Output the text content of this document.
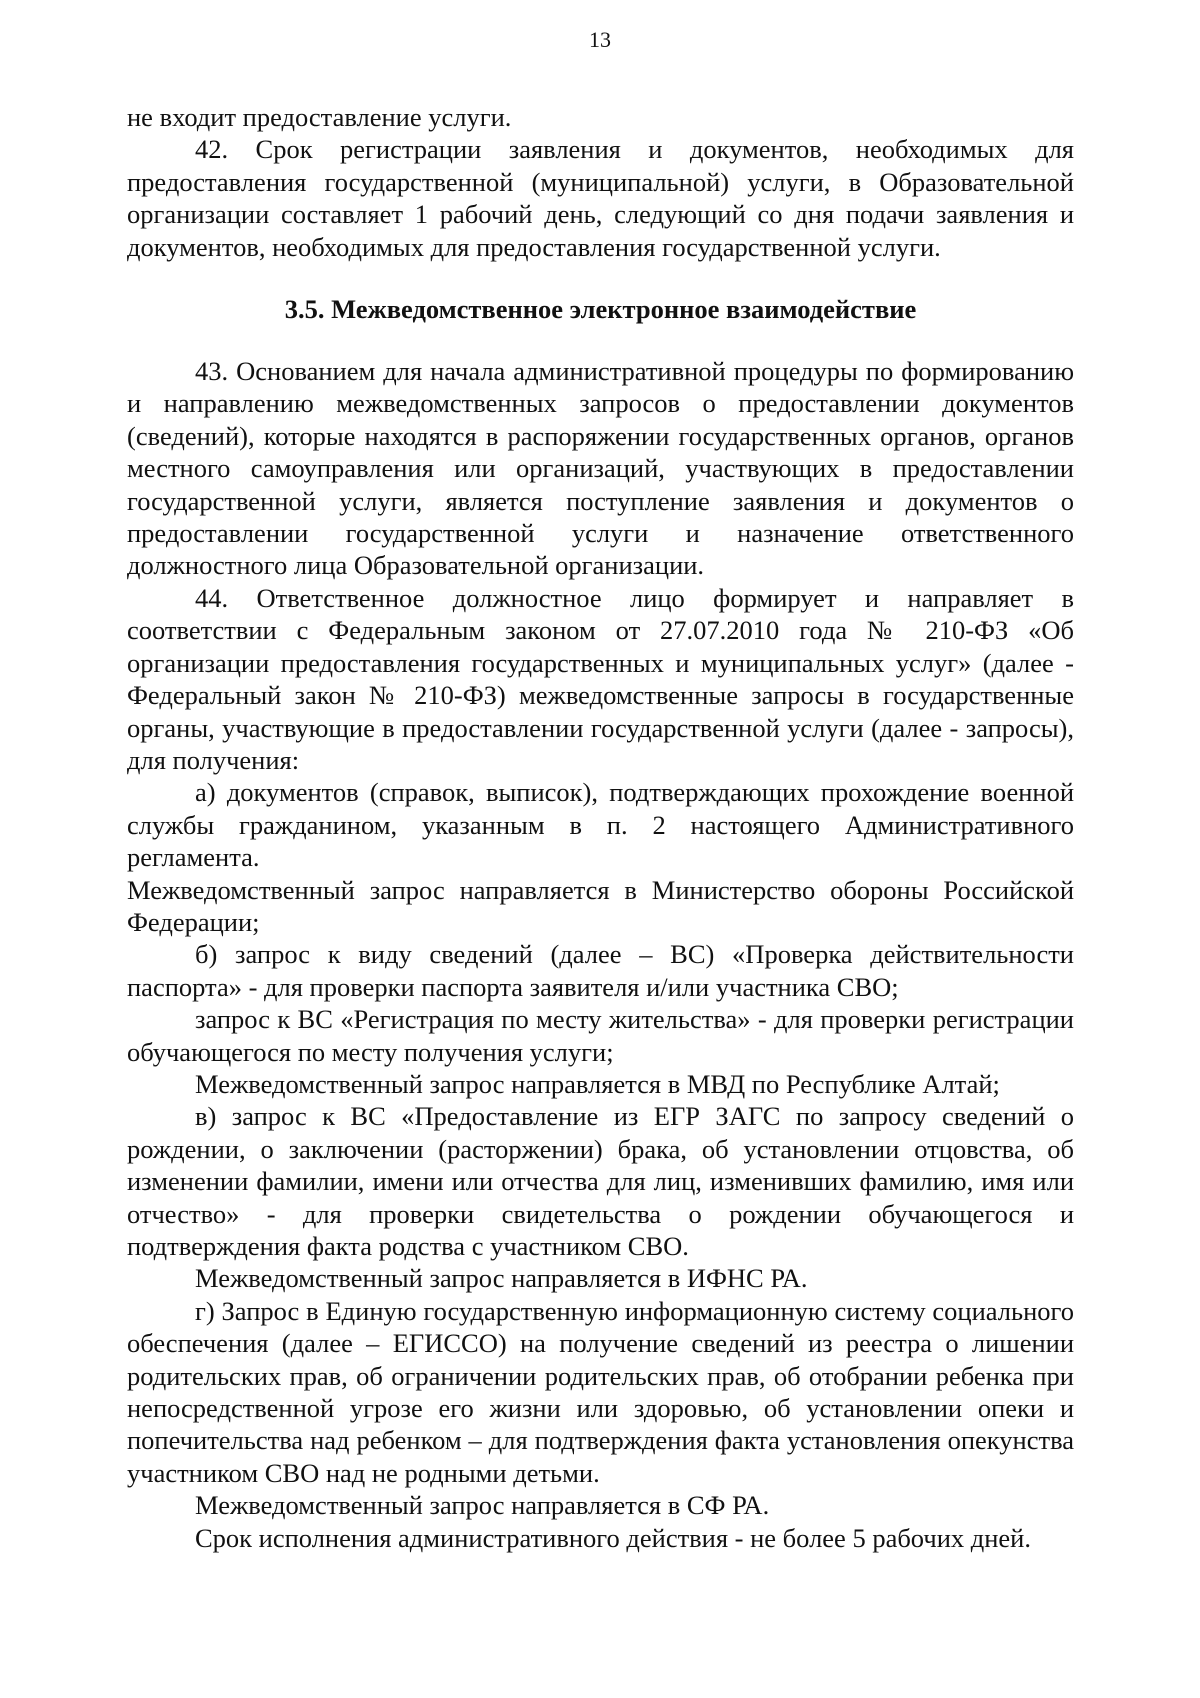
13

не входит предоставление услуги.

42. Срок регистрации заявления и документов, необходимых для предоставления государственной (муниципальной) услуги, в Образовательной организации составляет 1 рабочий день, следующий со дня подачи заявления и документов, необходимых для предоставления государственной услуги.

3.5. Межведомственное электронное взаимодействие

43. Основанием для начала административной процедуры по формированию и направлению межведомственных запросов о предоставлении документов (сведений), которые находятся в распоряжении государственных органов, органов местного самоуправления или организаций, участвующих в предоставлении государственной услуги, является поступление заявления и документов о предоставлении государственной услуги и назначение ответственного должностного лица Образовательной организации.

44. Ответственное должностное лицо формирует и направляет в соответствии с Федеральным законом от 27.07.2010 года № 210-ФЗ «Об организации предоставления государственных и муниципальных услуг» (далее - Федеральный закон № 210-ФЗ) межведомственные запросы в государственные органы, участвующие в предоставлении государственной услуги (далее - запросы), для получения:

а) документов (справок, выписок), подтверждающих прохождение военной службы гражданином, указанным в п. 2 настоящего Административного регламента.

Межведомственный запрос направляется в Министерство обороны Российской Федерации;

б) запрос к виду сведений (далее – ВС) «Проверка действительности паспорта» - для проверки паспорта заявителя и/или участника СВО;

запрос к ВС «Регистрация по месту жительства» - для проверки регистрации обучающегося по месту получения услуги;

Межведомственный запрос направляется в МВД по Республике Алтай;

в) запрос к ВС «Предоставление из ЕГР ЗАГС по запросу сведений о рождении, о заключении (расторжении) брака, об установлении отцовства, об изменении фамилии, имени или отчества для лиц, изменивших фамилию, имя или отчество» - для проверки свидетельства о рождении обучающегося и подтверждения факта родства с участником СВО.

Межведомственный запрос направляется в ИФНС РА.

г) Запрос в Единую государственную информационную систему социального обеспечения (далее – ЕГИССО) на получение сведений из реестра о лишении родительских прав, об ограничении родительских прав, об отобрании ребенка при непосредственной угрозе его жизни или здоровью, об установлении опеки и попечительства над ребенком – для подтверждения факта установления опекунства участником СВО над не родными детьми.

Межведомственный запрос направляется в СФ РА.

Срок исполнения административного действия - не более 5 рабочих дней.
